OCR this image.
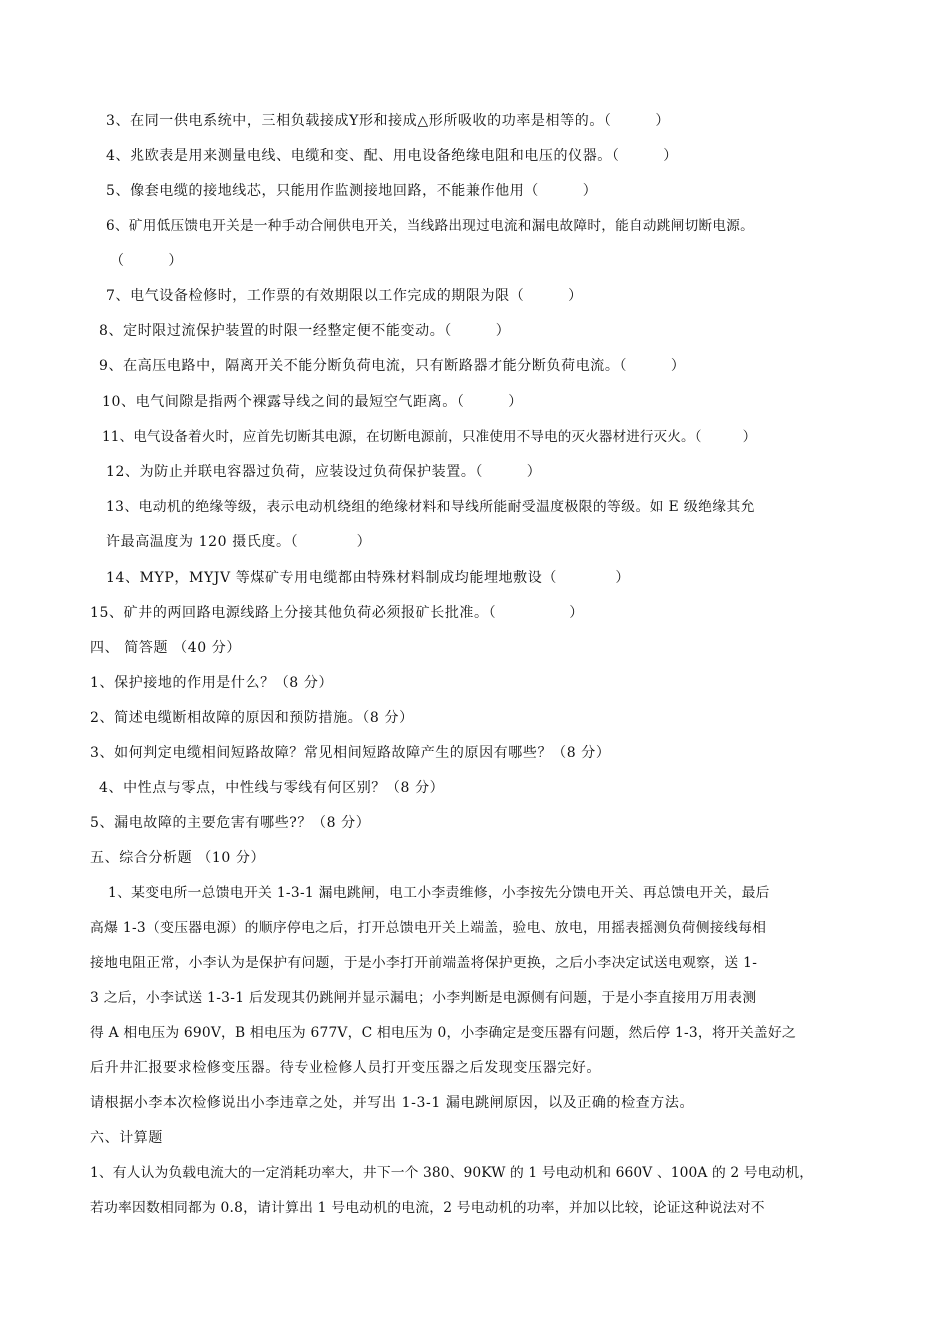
3、在同一供电系统中，三相负载接成Y形和接成△形所吸收的功率是相等的。（　　　）
4、兆欧表是用来测量电线、电缆和变、配、用电设备绝缘电阻和电压的仪器。（　　　）
5、像套电缆的接地线芯，只能用作监测接地回路，不能兼作他用（　　　）
6、矿用低压馈电开关是一种手动合闸供电开关，当线路出现过电流和漏电故障时，能自动跳闸切断电源。
（　　　）
7、电气设备检修时，工作票的有效期限以工作完成的期限为限（　　　）
8、定时限过流保护装置的时限一经整定便不能变动。（　　　）
9、在高压电路中，隔离开关不能分断负荷电流，只有断路器才能分断负荷电流。（　　　）
10、电气间隙是指两个裸露导线之间的最短空气距离。（　　　）
11、电气设备着火时，应首先切断其电源，在切断电源前，只准使用不导电的灭火器材进行灭火。（　　　）
12、为防止并联电容器过负荷，应装设过负荷保护装置。（　　　）
13、电动机的绝缘等级，表示电动机绕组的绝缘材料和导线所能耐受温度极限的等级。如 E 级绝缘其允
许最高温度为 120 摄氏度。（　　　　）
14、MYP，MYJV 等煤矿专用电缆都由特殊材料制成均能埋地敷设（　　　　）
15、矿井的两回路电源线路上分接其他负荷必须报矿长批准。（　　　　　）
四、 简答题 （40 分）
1、保护接地的作用是什么？（8 分）
2、简述电缆断相故障的原因和预防措施。（8 分）
3、如何判定电缆相间短路故障？常见相间短路故障产生的原因有哪些？（8 分）
4、中性点与零点，中性线与零线有何区别？（8 分）
5、漏电故障的主要危害有哪些?？（8 分）
五、综合分析题 （10 分）
1、某变电所一总馈电开关 1-3-1 漏电跳闸，电工小李责维修，小李按先分馈电开关、再总馈电开关，最后
高爆 1-3（变压器电源）的顺序停电之后，打开总馈电开关上端盖，验电、放电，用摇表摇测负荷侧接线每相
接地电阻正常，小李认为是保护有问题，于是小李打开前端盖将保护更换，之后小李决定试送电观察，送 1-
3 之后，小李试送 1-3-1 后发现其仍跳闸并显示漏电；小李判断是电源侧有问题，于是小李直接用万用表测
得 A 相电压为 690V，B 相电压为 677V，C 相电压为 0，小李确定是变压器有问题，然后停 1-3，将开关盖好之
后升井汇报要求检修变压器。待专业检修人员打开变压器之后发现变压器完好。
请根据小李本次检修说出小李违章之处，并写出 1-3-1 漏电跳闸原因，以及正确的检查方法。
六、计算题
1、有人认为负载电流大的一定消耗功率大，井下一个 380、90KW 的 1 号电动机和 660V 、100A 的 2 号电动机，
若功率因数相同都为 0.8，请计算出 1 号电动机的电流，2 号电动机的功率，并加以比较，论证这种说法对不
